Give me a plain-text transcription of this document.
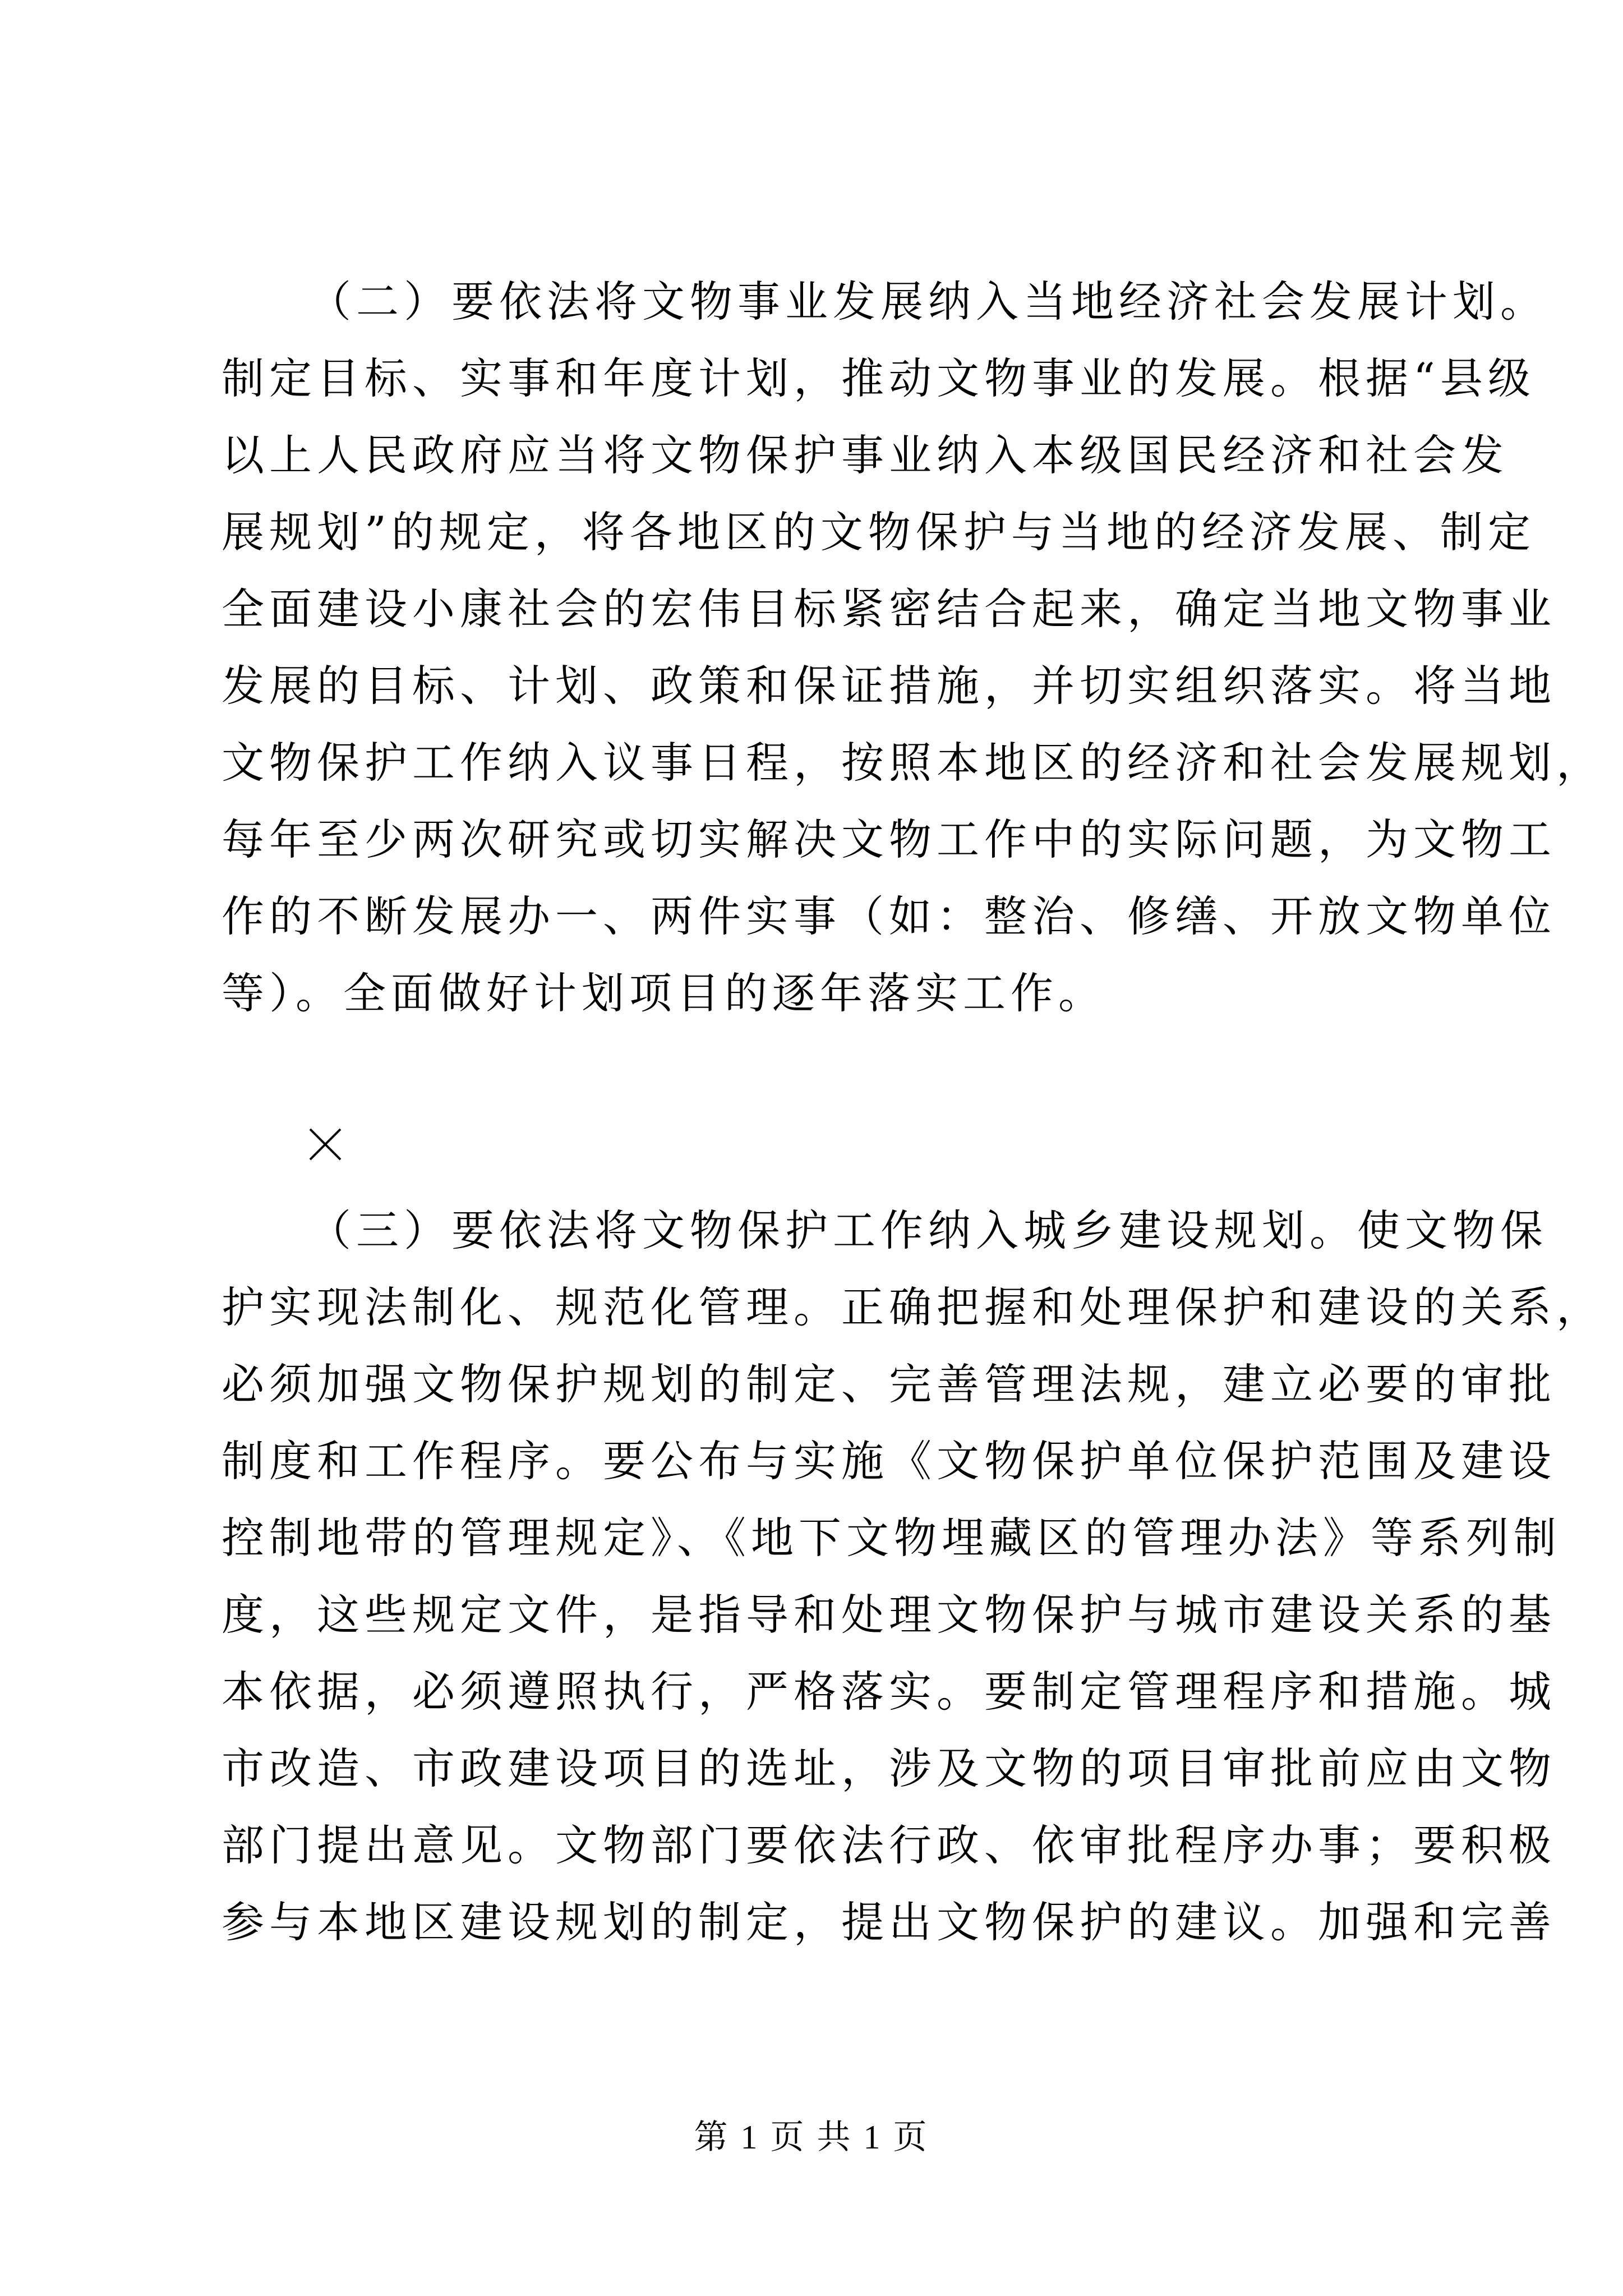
（二）要依法将文物事业发展纳入当地经济社会发展计划。
制定目标、实事和年度计划，推动文物事业的发展。根据“县级
以上人民政府应当将文物保护事业纳入本级国民经济和社会发
展规划”的规定，将各地区的文物保护与当地的经济发展、制定
全面建设小康社会的宏伟目标紧密结合起来，确定当地文物事业
发展的目标、计划、政策和保证措施，并切实组织落实。将当地
文物保护工作纳入议事日程，按照本地区的经济和社会发展规划，
每年至少两次研究或切实解决文物工作中的实际问题，为文物工
作的不断发展办一、两件实事（如：整治、修缮、开放文物单位
等）。全面做好计划项目的逐年落实工作。
（三）要依法将文物保护工作纳入城乡建设规划。使文物保
护实现法制化、规范化管理。正确把握和处理保护和建设的关系，
必须加强文物保护规划的制定、完善管理法规，建立必要的审批
制度和工作程序。要公布与实施《文物保护单位保护范围及建设
控制地带的管理规定》、《地下文物埋藏区的管理办法》等系列制
度，这些规定文件，是指导和处理文物保护与城市建设关系的基
本依据，必须遵照执行，严格落实。要制定管理程序和措施。城
市改造、市政建设项目的选址，涉及文物的项目审批前应由文物
部门提出意见。文物部门要依法行政、依审批程序办事；要积极
参与本地区建设规划的制定，提出文物保护的建议。加强和完善
第 1 页 共 1 页
